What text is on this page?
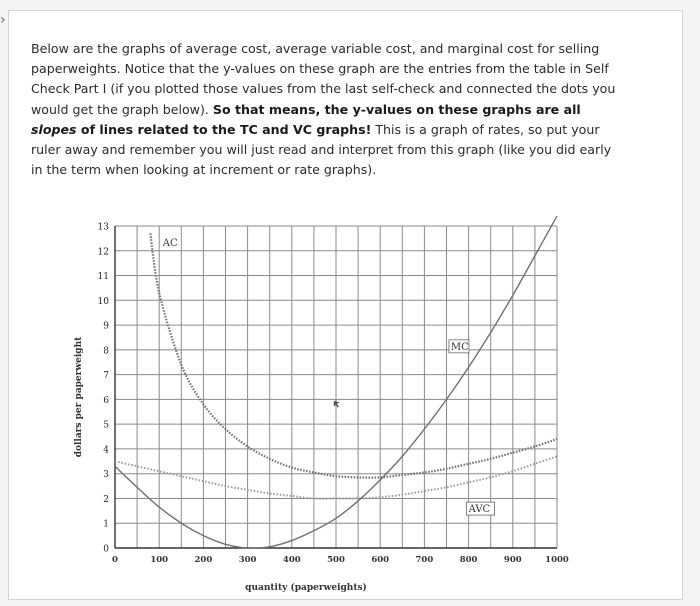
›

Below are the graphs of average cost, average variable cost, and marginal cost for selling paperweights. Notice that the y-values on these graph are the entries from the table in Self Check Part I (if you plotted those values from the last self-check and connected the dots you would get the graph below). So that means, the y-values on these graphs are all slopes of lines related to the TC and VC graphs! This is a graph of rates, so put your ruler away and remember you will just read and interpret from this graph (like you did early in the term when looking at increment or rate graphs).

0
1
2
3
4
5
6
7
8
9
10
11
12
13
0	100	200	300	400	500	600	700	800	900	1000
quantity (paperweights)
dollars per paperweight
AC
MC
AVC
